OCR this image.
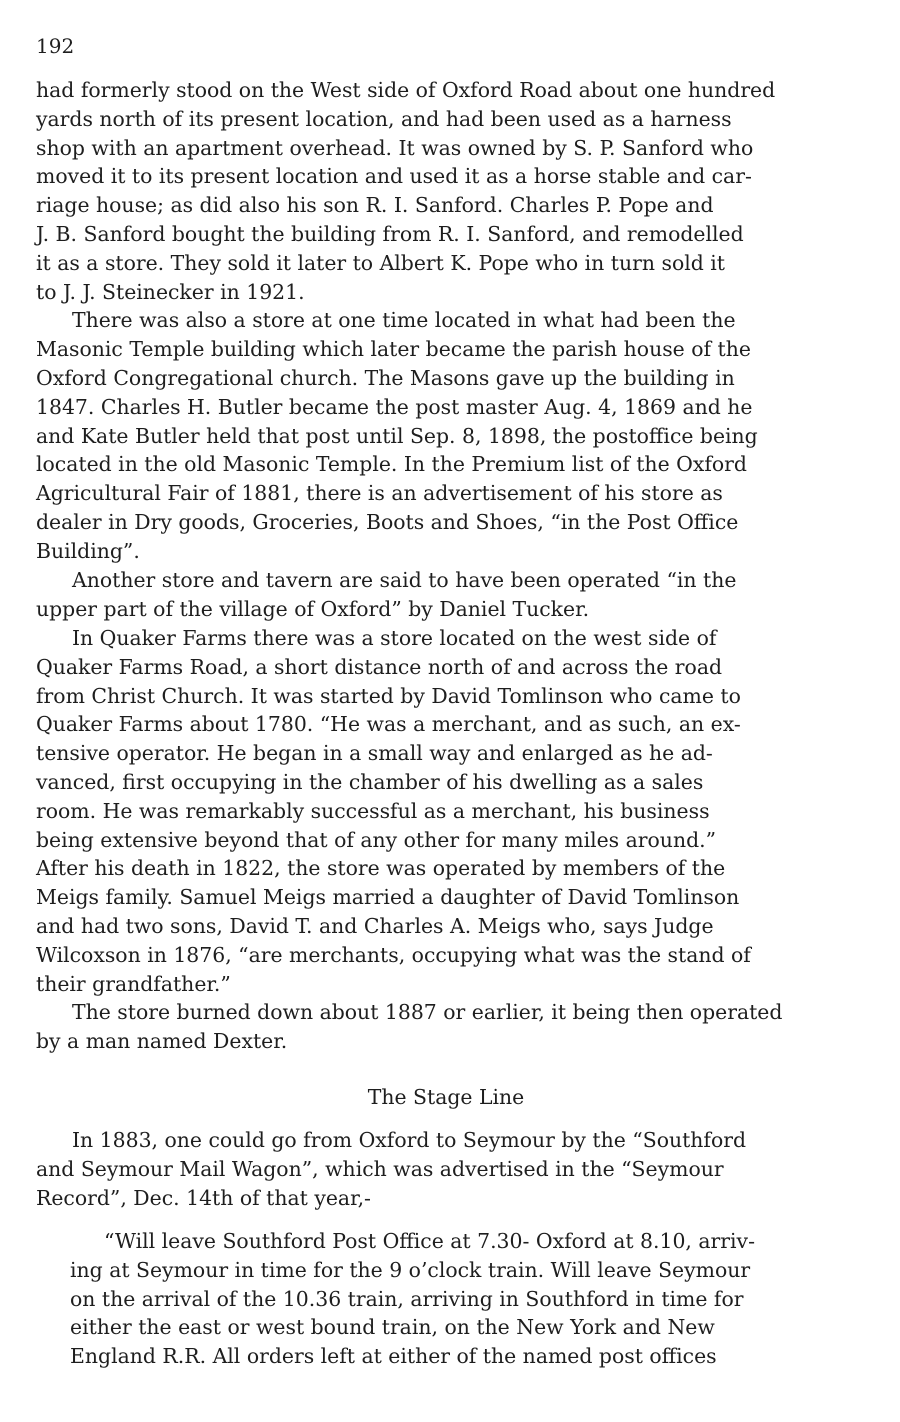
192

had formerly stood on the West side of Oxford Road about one hundred
yards north of its present location, and had been used as a harness
shop with an apartment overhead. It was owned by S. P. Sanford who
moved it to its present location and used it as a horse stable and car-
riage house; as did also his son R. I. Sanford. Charles P. Pope and
J. B. Sanford bought the building from R. I. Sanford, and remodelled
it as a store. They sold it later to Albert K. Pope who in turn sold it
to J. J. Steinecker in 1921.
There was also a store at one time located in what had been the
Masonic Temple building which later became the parish house of the
Oxford Congregational church. The Masons gave up the building in
1847. Charles H. Butler became the post master Aug. 4, 1869 and he
and Kate Butler held that post until Sep. 8, 1898, the postoffice being
located in the old Masonic Temple. In the Premium list of the Oxford
Agricultural Fair of 1881, there is an advertisement of his store as
dealer in Dry goods, Groceries, Boots and Shoes, “in the Post Office
Building”.
Another store and tavern are said to have been operated “in the
upper part of the village of Oxford” by Daniel Tucker.
In Quaker Farms there was a store located on the west side of
Quaker Farms Road, a short distance north of and across the road
from Christ Church. It was started by David Tomlinson who came to
Quaker Farms about 1780. “He was a merchant, and as such, an ex-
tensive operator. He began in a small way and enlarged as he ad-
vanced, first occupying in the chamber of his dwelling as a sales
room. He was remarkably successful as a merchant, his business
being extensive beyond that of any other for many miles around.”
After his death in 1822, the store was operated by members of the
Meigs family. Samuel Meigs married a daughter of David Tomlinson
and had two sons, David T. and Charles A. Meigs who, says Judge
Wilcoxson in 1876, “are merchants, occupying what was the stand of
their grandfather.”
The store burned down about 1887 or earlier, it being then operated
by a man named Dexter.
The Stage Line
In 1883, one could go from Oxford to Seymour by the “Southford
and Seymour Mail Wagon”, which was advertised in the “Seymour
Record”, Dec. 14th of that year,-
“Will leave Southford Post Office at 7.30- Oxford at 8.10, arriv-
ing at Seymour in time for the 9 o’clock train. Will leave Seymour
on the arrival of the 10.36 train, arriving in Southford in time for
either the east or west bound train, on the New York and New
England R.R. All orders left at either of the named post offices
